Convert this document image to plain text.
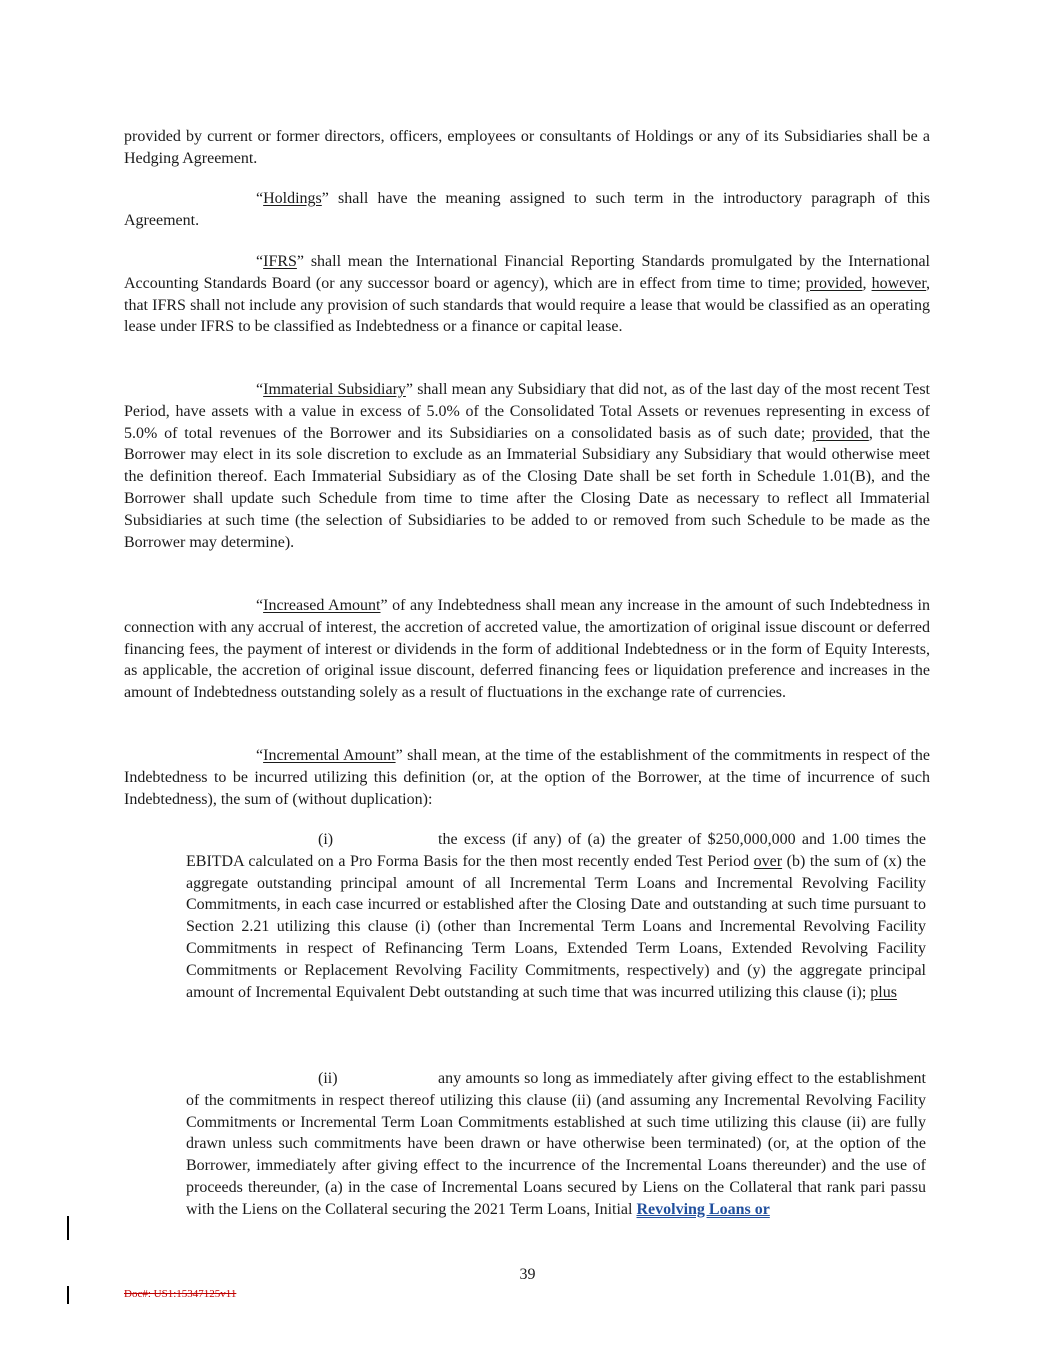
provided by current or former directors, officers, employees or consultants of Holdings or any of its Subsidiaries shall be a Hedging Agreement.

“Holdings” shall have the meaning assigned to such term in the introductory paragraph of this Agreement.

“IFRS” shall mean the International Financial Reporting Standards promulgated by the International Accounting Standards Board (or any successor board or agency), which are in effect from time to time; provided, however, that IFRS shall not include any provision of such standards that would require a lease that would be classified as an operating lease under IFRS to be classified as Indebtedness or a finance or capital lease.

“Immaterial Subsidiary” shall mean any Subsidiary that did not, as of the last day of the most recent Test Period, have assets with a value in excess of 5.0% of the Consolidated Total Assets or revenues representing in excess of 5.0% of total revenues of the Borrower and its Subsidiaries on a consolidated basis as of such date; provided, that the Borrower may elect in its sole discretion to exclude as an Immaterial Subsidiary any Subsidiary that would otherwise meet the definition thereof. Each Immaterial Subsidiary as of the Closing Date shall be set forth in Schedule 1.01(B), and the Borrower shall update such Schedule from time to time after the Closing Date as necessary to reflect all Immaterial Subsidiaries at such time (the selection of Subsidiaries to be added to or removed from such Schedule to be made as the Borrower may determine).

“Increased Amount” of any Indebtedness shall mean any increase in the amount of such Indebtedness in connection with any accrual of interest, the accretion of accreted value, the amortization of original issue discount or deferred financing fees, the payment of interest or dividends in the form of additional Indebtedness or in the form of Equity Interests, as applicable, the accretion of original issue discount, deferred financing fees or liquidation preference and increases in the amount of Indebtedness outstanding solely as a result of fluctuations in the exchange rate of currencies.

“Incremental Amount” shall mean, at the time of the establishment of the commitments in respect of the Indebtedness to be incurred utilizing this definition (or, at the option of the Borrower, at the time of incurrence of such Indebtedness), the sum of (without duplication):

(i)	the excess (if any) of (a) the greater of $250,000,000 and 1.00 times the EBITDA calculated on a Pro Forma Basis for the then most recently ended Test Period over (b) the sum of (x) the aggregate outstanding principal amount of all Incremental Term Loans and Incremental Revolving Facility Commitments, in each case incurred or established after the Closing Date and outstanding at such time pursuant to Section 2.21 utilizing this clause (i) (other than Incremental Term Loans and Incremental Revolving Facility Commitments in respect of Refinancing Term Loans, Extended Term Loans, Extended Revolving Facility Commitments or Replacement Revolving Facility Commitments, respectively) and (y) the aggregate principal amount of Incremental Equivalent Debt outstanding at such time that was incurred utilizing this clause (i); plus

(ii)	any amounts so long as immediately after giving effect to the establishment of the commitments in respect thereof utilizing this clause (ii) (and assuming any Incremental Revolving Facility Commitments or Incremental Term Loan Commitments established at such time utilizing this clause (ii) are fully drawn unless such commitments have been drawn or have otherwise been terminated) (or, at the option of the Borrower, immediately after giving effect to the incurrence of the Incremental Loans thereunder) and the use of proceeds thereunder, (a) in the case of Incremental Loans secured by Liens on the Collateral that rank pari passu with the Liens on the Collateral securing the 2021 Term Loans, Initial Revolving Loans or

39
Doc#: US1:15347125v11
